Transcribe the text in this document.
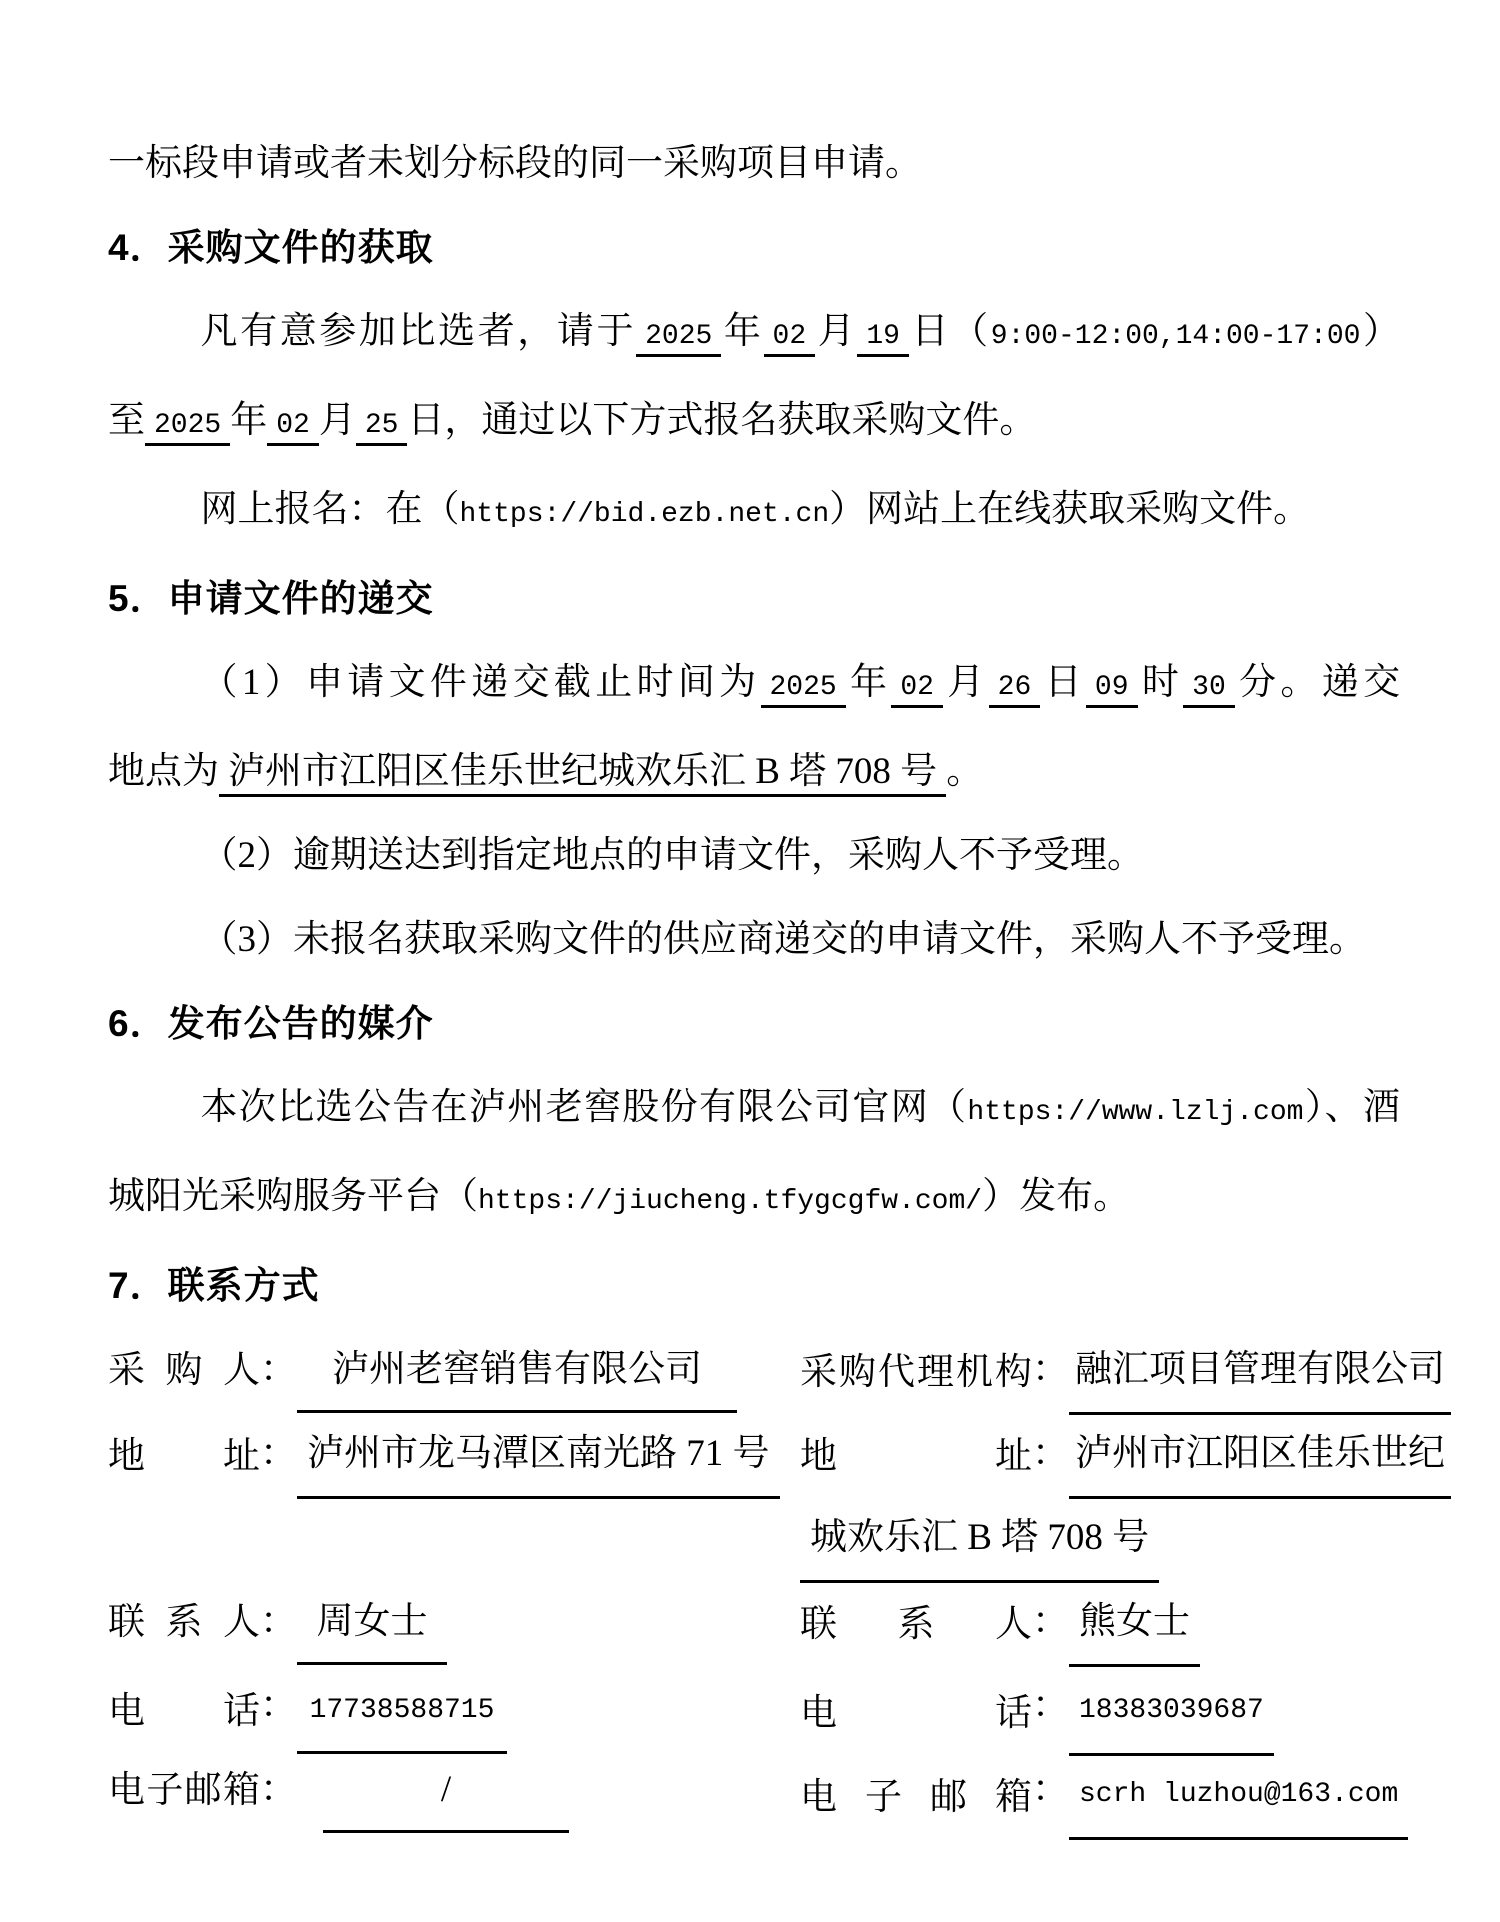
一标段申请或者未划分标段的同一采购项目申请。
4．采购文件的获取
凡有意参加比选者，请于 2025 年 02 月 19 日（9:00-12:00,14:00-17:00）
至 2025 年 02 月 25 日，通过以下方式报名获取采购文件。
网上报名：在（https://bid.ezb.net.cn）网站上在线获取采购文件。
5．申请文件的递交
（1）申请文件递交截止时间为 2025 年 02 月 26 日 09 时 30 分。递交
地点为 泸州市江阳区佳乐世纪城欢乐汇 B 塔 708 号 。
（2）逾期送达到指定地点的申请文件，采购人不予受理。
（3）未报名获取采购文件的供应商递交的申请文件，采购人不予受理。
6．发布公告的媒介
本次比选公告在泸州老窖股份有限公司官网（https://www.lzlj.com）、酒
城阳光采购服务平台（https://jiucheng.tfygcgfw.com/）发布。
7．联系方式
采购人： 泸州老窖销售有限公司	采购代理机构： 融汇项目管理有限公司
地址： 泸州市龙马潭区南光路 71 号 地址： 泸州市江阳区佳乐世纪
城欢乐汇 B 塔 708 号
联系人： 周女士	联系人： 熊女士
电话： 17738588715	电话： 18383039687
电子邮箱：	/	电子邮箱： scrh luzhou@163.com
